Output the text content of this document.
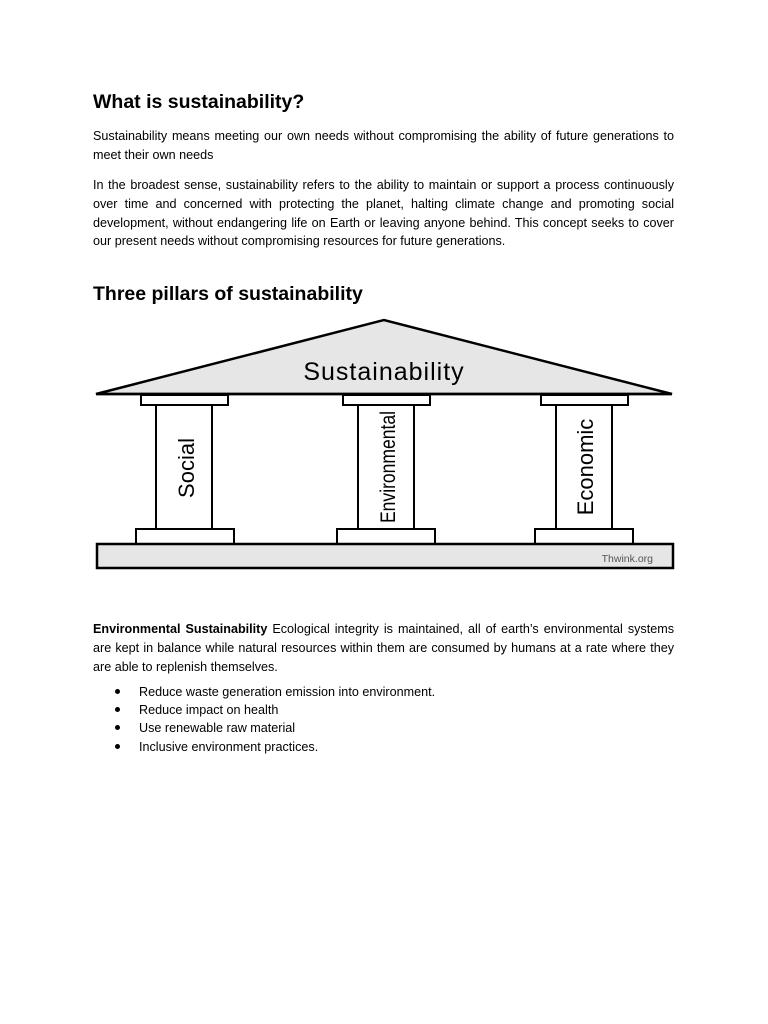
What is sustainability?

Sustainability means meeting our own needs without compromising the ability of future generations to meet their own needs

In the broadest sense, sustainability refers to the ability to maintain or support a process continuously over time and concerned with protecting the planet, halting climate change and promoting social development, without endangering life on Earth or leaving anyone behind. This concept seeks to cover our present needs without compromising resources for future generations.

Three pillars of sustainability

Environmental Sustainability Ecological integrity is maintained, all of earth’s environmental systems are kept in balance while natural resources within them are consumed by humans at a rate where they are able to replenish themselves.

Reduce waste generation emission into environment.
Reduce impact on health
Use renewable raw material
Inclusive environment practices.
Sustainability
Social	Environmental	Economic
Thwink.org
